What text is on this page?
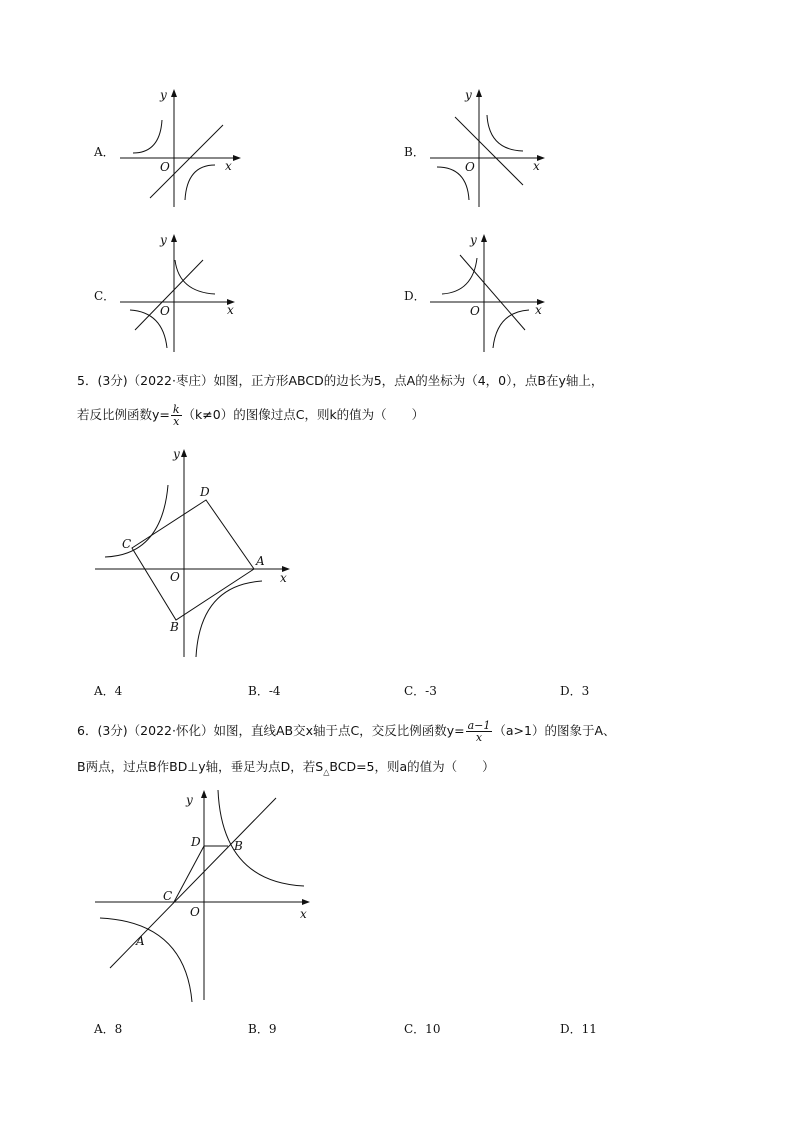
A．
y
x
O
B．
y
x
O
C．
y
x
O
D．
y
x
O
5．(3分)（2022·枣庄）如图，正方形ABCD的边长为5，点A的坐标为（4，0），点B在y轴上，
若反比例函数$y= \frac{k}{x} (k\ne 0)$的图像过点C，则k的值为（　　）
y
x
O
A
B
C
D
A．4	B．-4	C．-3	D．3
6．(3分)（2022·怀化）如图，直线AB交x轴于点C，交反比例函数$y= \frac{a-1}{x} (a>1)$的图象于A、
B两点，过点B作BD⊥y轴，垂足为点D，若$S_\triangle BCD=5$，则a的值为（　　）
y
x
O
A
B
C
D
A．8	B．9	C．10	D．11
